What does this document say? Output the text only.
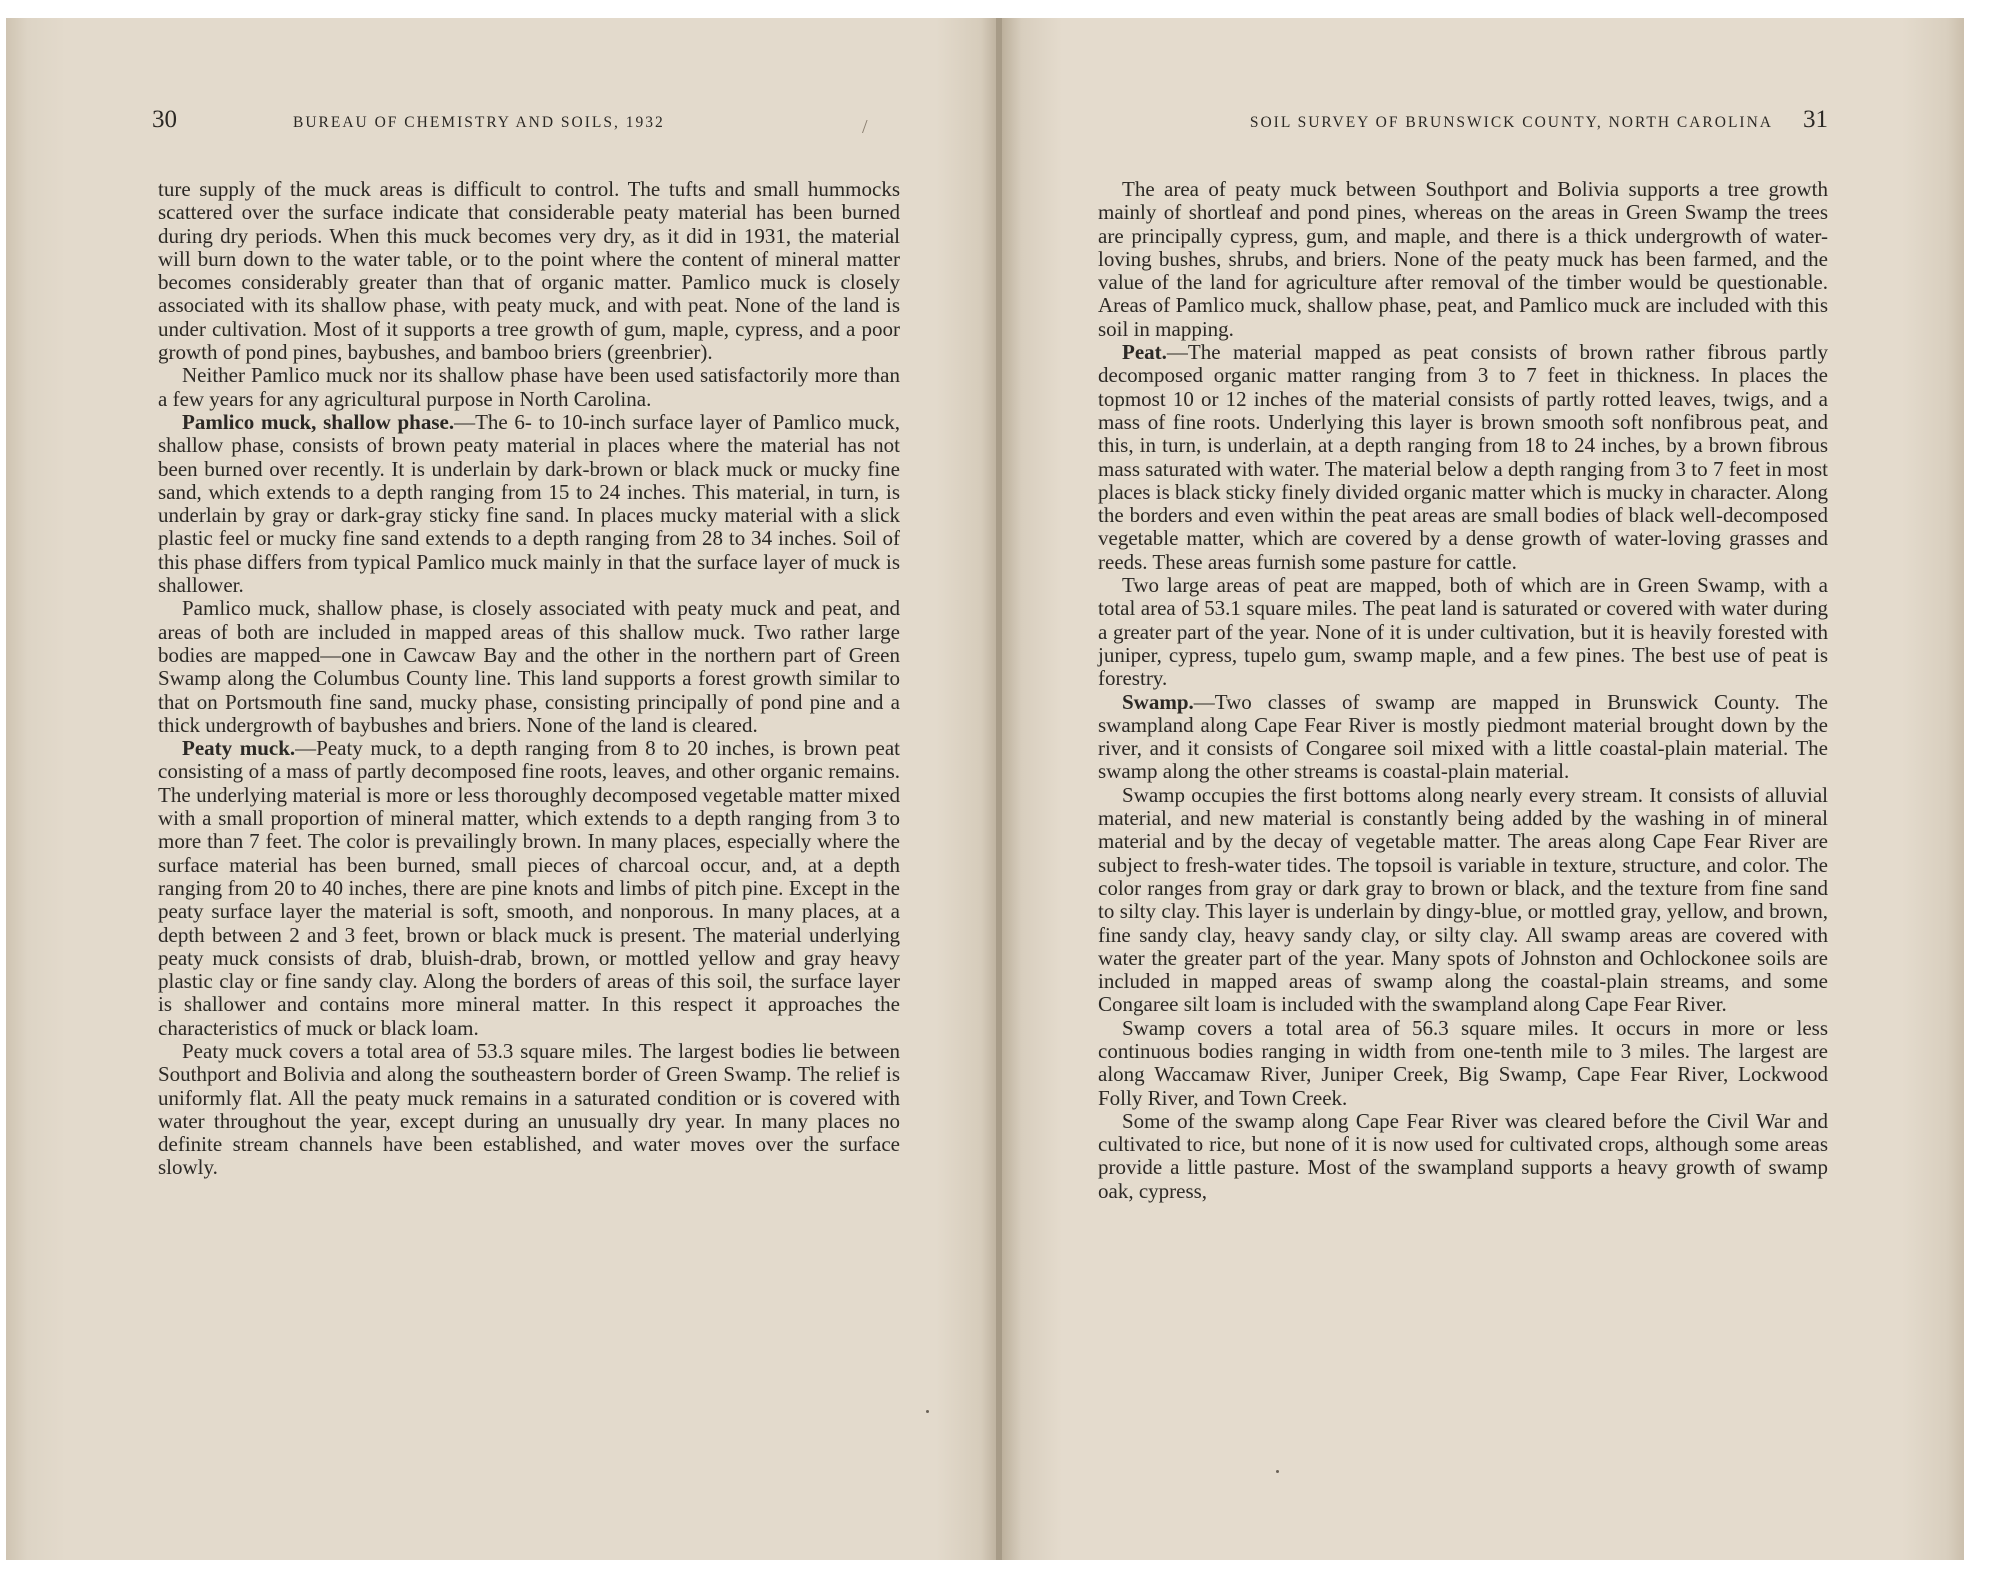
30	BUREAU OF CHEMISTRY AND SOILS, 1932	/

ture supply of the muck areas is difficult to control. The tufts and small hummocks scattered over the surface indicate that considerable peaty material has been burned during dry periods. When this muck becomes very dry, as it did in 1931, the material will burn down to the water table, or to the point where the content of mineral matter becomes considerably greater than that of organic matter. Pamlico muck is closely associated with its shallow phase, with peaty muck, and with peat. None of the land is under cultivation. Most of it supports a tree growth of gum, maple, cypress, and a poor growth of pond pines, baybushes, and bamboo briers (greenbrier).

Neither Pamlico muck nor its shallow phase have been used satisfactorily more than a few years for any agricultural purpose in North Carolina.

Pamlico muck, shallow phase.—The 6- to 10-inch surface layer of Pamlico muck, shallow phase, consists of brown peaty material in places where the material has not been burned over recently. It is underlain by dark-brown or black muck or mucky fine sand, which extends to a depth ranging from 15 to 24 inches. This material, in turn, is underlain by gray or dark-gray sticky fine sand. In places mucky material with a slick plastic feel or mucky fine sand extends to a depth ranging from 28 to 34 inches. Soil of this phase differs from typical Pamlico muck mainly in that the surface layer of muck is shallower.

Pamlico muck, shallow phase, is closely associated with peaty muck and peat, and areas of both are included in mapped areas of this shallow muck. Two rather large bodies are mapped—one in Cawcaw Bay and the other in the northern part of Green Swamp along the Columbus County line. This land supports a forest growth similar to that on Portsmouth fine sand, mucky phase, consisting principally of pond pine and a thick undergrowth of baybushes and briers. None of the land is cleared.

Peaty muck.—Peaty muck, to a depth ranging from 8 to 20 inches, is brown peat consisting of a mass of partly decomposed fine roots, leaves, and other organic remains. The underlying material is more or less thoroughly decomposed vegetable matter mixed with a small proportion of mineral matter, which extends to a depth ranging from 3 to more than 7 feet. The color is prevailingly brown. In many places, especially where the surface material has been burned, small pieces of charcoal occur, and, at a depth ranging from 20 to 40 inches, there are pine knots and limbs of pitch pine. Except in the peaty surface layer the material is soft, smooth, and nonporous. In many places, at a depth between 2 and 3 feet, brown or black muck is present. The material underlying peaty muck consists of drab, bluish-drab, brown, or mottled yellow and gray heavy plastic clay or fine sandy clay. Along the borders of areas of this soil, the surface layer is shallower and contains more mineral matter. In this respect it approaches the characteristics of muck or black loam.

Peaty muck covers a total area of 53.3 square miles. The largest bodies lie between Southport and Bolivia and along the southeastern border of Green Swamp. The relief is uniformly flat. All the peaty muck remains in a saturated condition or is covered with water throughout the year, except during an unusually dry year. In many places no definite stream channels have been established, and water moves over the surface slowly.

SOIL SURVEY OF BRUNSWICK COUNTY, NORTH CAROLINA 31

The area of peaty muck between Southport and Bolivia supports a tree growth mainly of shortleaf and pond pines, whereas on the areas in Green Swamp the trees are principally cypress, gum, and maple, and there is a thick undergrowth of water-loving bushes, shrubs, and briers. None of the peaty muck has been farmed, and the value of the land for agriculture after removal of the timber would be questionable. Areas of Pamlico muck, shallow phase, peat, and Pamlico muck are included with this soil in mapping.

Peat.—The material mapped as peat consists of brown rather fibrous partly decomposed organic matter ranging from 3 to 7 feet in thickness. In places the topmost 10 or 12 inches of the material consists of partly rotted leaves, twigs, and a mass of fine roots. Underlying this layer is brown smooth soft nonfibrous peat, and this, in turn, is underlain, at a depth ranging from 18 to 24 inches, by a brown fibrous mass saturated with water. The material below a depth ranging from 3 to 7 feet in most places is black sticky finely divided organic matter which is mucky in character. Along the borders and even within the peat areas are small bodies of black well-decomposed vegetable matter, which are covered by a dense growth of water-loving grasses and reeds. These areas furnish some pasture for cattle.

Two large areas of peat are mapped, both of which are in Green Swamp, with a total area of 53.1 square miles. The peat land is saturated or covered with water during a greater part of the year. None of it is under cultivation, but it is heavily forested with juniper, cypress, tupelo gum, swamp maple, and a few pines. The best use of peat is forestry.

Swamp.—Two classes of swamp are mapped in Brunswick County. The swampland along Cape Fear River is mostly piedmont material brought down by the river, and it consists of Congaree soil mixed with a little coastal-plain material. The swamp along the other streams is coastal-plain material.

Swamp occupies the first bottoms along nearly every stream. It consists of alluvial material, and new material is constantly being added by the washing in of mineral material and by the decay of vegetable matter. The areas along Cape Fear River are subject to fresh-water tides. The topsoil is variable in texture, structure, and color. The color ranges from gray or dark gray to brown or black, and the texture from fine sand to silty clay. This layer is underlain by dingy-blue, or mottled gray, yellow, and brown, fine sandy clay, heavy sandy clay, or silty clay. All swamp areas are covered with water the greater part of the year. Many spots of Johnston and Ochlockonee soils are included in mapped areas of swamp along the coastal-plain streams, and some Congaree silt loam is included with the swampland along Cape Fear River.

Swamp covers a total area of 56.3 square miles. It occurs in more or less continuous bodies ranging in width from one-tenth mile to 3 miles. The largest are along Waccamaw River, Juniper Creek, Big Swamp, Cape Fear River, Lockwood Folly River, and Town Creek.

Some of the swamp along Cape Fear River was cleared before the Civil War and cultivated to rice, but none of it is now used for cultivated crops, although some areas provide a little pasture. Most of the swampland supports a heavy growth of swamp oak, cypress,
